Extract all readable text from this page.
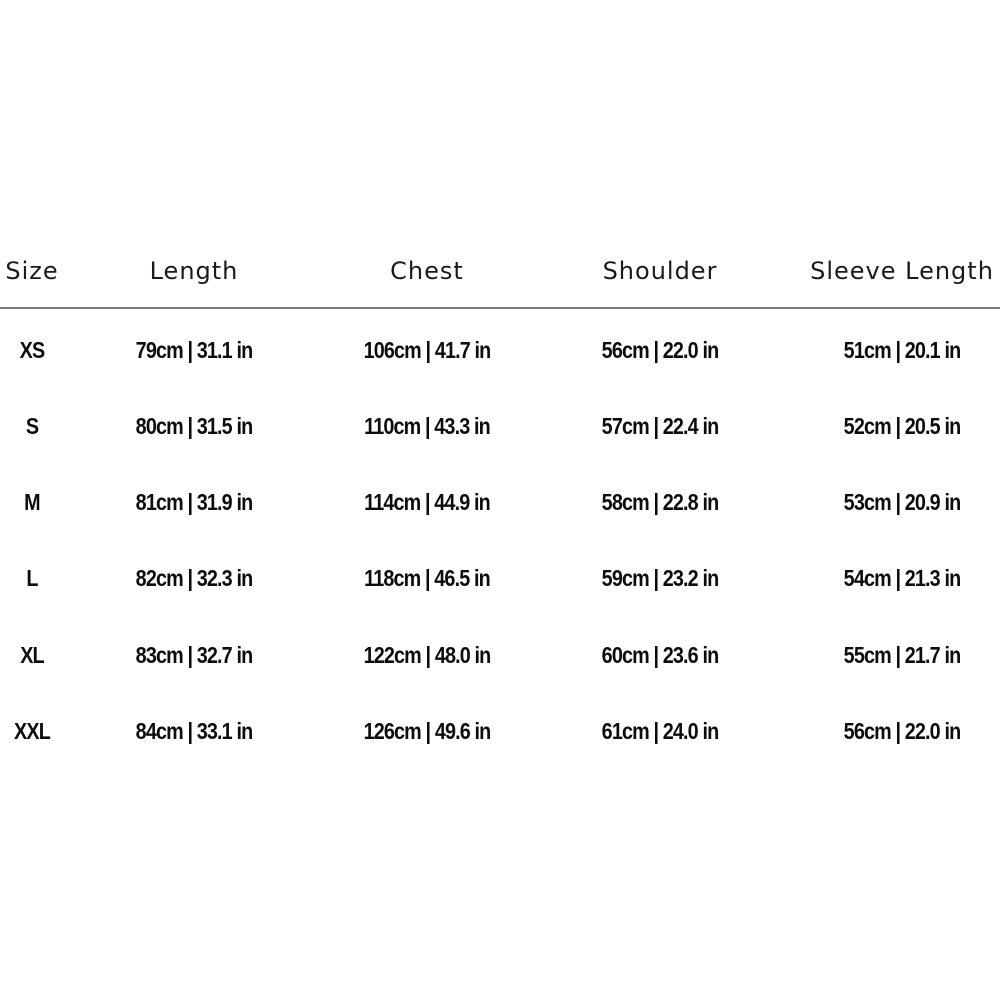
Size	Length	Chest	Shoulder	Sleeve Length
XS	79cm | 31.1 in	106cm | 41.7 in	56cm | 22.0 in	51cm | 20.1 in
S	80cm | 31.5 in	110cm | 43.3 in	57cm | 22.4 in	52cm | 20.5 in
M	81cm | 31.9 in	114cm | 44.9 in	58cm | 22.8 in	53cm | 20.9 in
L	82cm | 32.3 in	118cm | 46.5 in	59cm | 23.2 in	54cm | 21.3 in
XL	83cm | 32.7 in	122cm | 48.0 in	60cm | 23.6 in	55cm | 21.7 in
XXL	84cm | 33.1 in	126cm | 49.6 in	61cm | 24.0 in	56cm | 22.0 in
